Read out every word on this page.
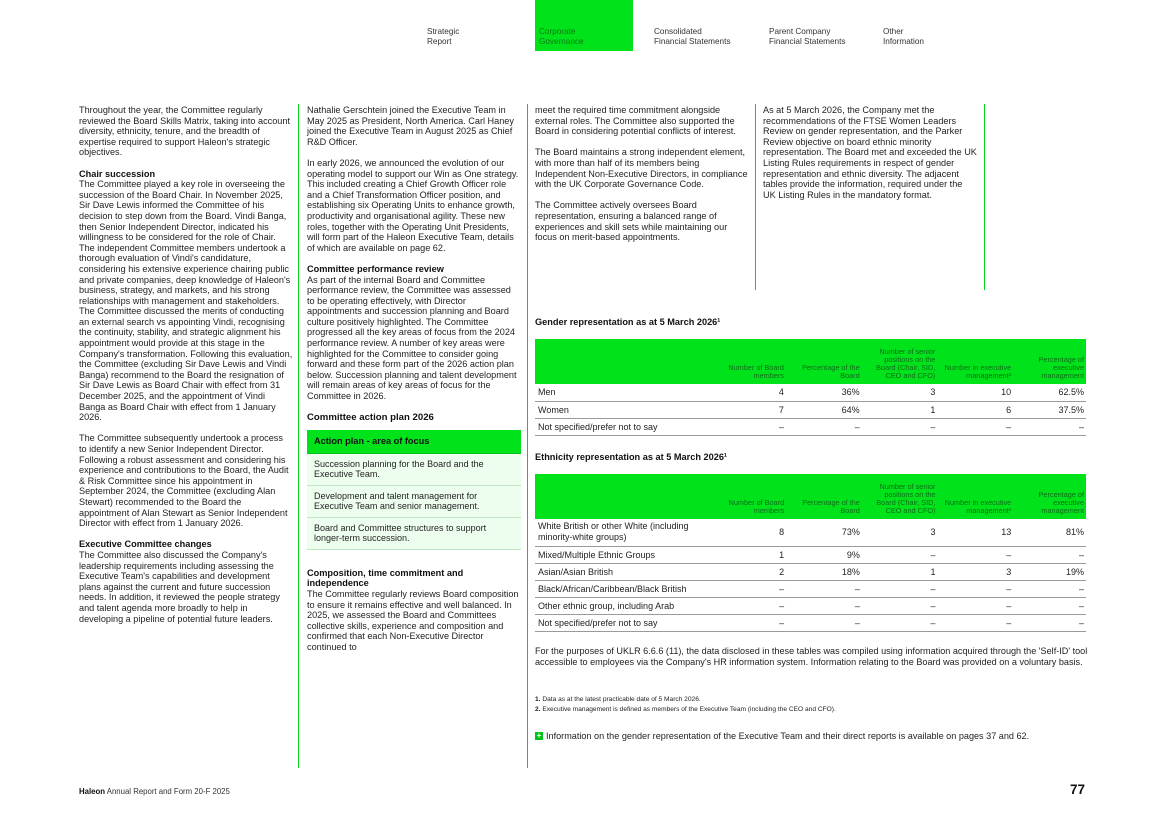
Strategic
Report
Corporate
Governance
Consolidated
Financial Statements
Parent Company
Financial Statements
Other
Information

Throughout the year, the Committee regularly reviewed the Board Skills Matrix, taking into account diversity, ethnicity, tenure, and the breadth of expertise required to support Haleon's strategic objectives.

Chair succession

The Committee played a key role in overseeing the succession of the Board Chair. In November 2025, Sir Dave Lewis informed the Committee of his decision to step down from the Board. Vindi Banga, then Senior Independent Director, indicated his willingness to be considered for the role of Chair. The independent Committee members undertook a thorough evaluation of Vindi's candidature, considering his extensive experience chairing public and private companies, deep knowledge of Haleon's business, strategy, and markets, and his strong relationships with management and stakeholders. The Committee discussed the merits of conducting an external search vs appointing Vindi, recognising the continuity, stability, and strategic alignment his appointment would provide at this stage in the Company's transformation. Following this evaluation, the Committee (excluding Sir Dave Lewis and Vindi Banga) recommend to the Board the resignation of Sir Dave Lewis as Board Chair with effect from 31 December 2025, and the appointment of Vindi Banga as Board Chair with effect from 1 January 2026.

The Committee subsequently undertook a process to identify a new Senior Independent Director. Following a robust assessment and considering his experience and contributions to the Board, the Audit & Risk Committee since his appointment in September 2024, the Committee (excluding Alan Stewart) recommended to the Board the appointment of Alan Stewart as Senior Independent Director with effect from 1 January 2026.

Executive Committee changes

The Committee also discussed the Company's leadership requirements including assessing the Executive Team's capabilities and development plans against the current and future succession needs. In addition, it reviewed the people strategy and talent agenda more broadly to help in developing a pipeline of potential future leaders.

Nathalie Gerschtein joined the Executive Team in May 2025 as President, North America. Carl Haney joined the Executive Team in August 2025 as Chief R&D Officer.

In early 2026, we announced the evolution of our operating model to support our Win as One strategy. This included creating a Chief Growth Officer role and a Chief Transformation Officer position, and establishing six Operating Units to enhance growth, productivity and organisational agility. These new roles, together with the Operating Unit Presidents, will form part of the Haleon Executive Team, details of which are available on page 62.

Committee performance review

As part of the internal Board and Committee performance review, the Committee was assessed to be operating effectively, with Director appointments and succession planning and Board culture positively highlighted. The Committee progressed all the key areas of focus from the 2024 performance review. A number of key areas were highlighted for the Committee to consider going forward and these form part of the 2026 action plan below. Succession planning and talent development will remain areas of key areas of focus for the Committee in 2026.

Committee action plan 2026
Action plan - area of focus
Succession planning for the Board and the Executive Team.
Development and talent management for Executive Team and senior management.
Board and Committee structures to support longer-term succession.
Composition, time commitment and independence

The Committee regularly reviews Board composition to ensure it remains effective and well balanced. In 2025, we assessed the Board and Committees collective skills, experience and composition and confirmed that each Non-Executive Director continued to

meet the required time commitment alongside external roles. The Committee also supported the Board in considering potential conflicts of interest.

The Board maintains a strong independent element, with more than half of its members being Independent Non-Executive Directors, in compliance with the UK Corporate Governance Code.

The Committee actively oversees Board representation, ensuring a balanced range of experiences and skill sets while maintaining our focus on merit-based appointments.

As at 5 March 2026, the Company met the recommendations of the FTSE Women Leaders Review on gender representation, and the Parker Review objective on board ethnic minority representation. The Board met and exceeded the UK Listing Rules requirements in respect of gender representation and ethnic diversity. The adjacent tables provide the information, required under the UK Listing Rules in the mandatory format.

Gender representation as at 5 March 2026¹
	Number of Board members	Percentage of the Board	Number of senior positions on the Board (Chair, SID, CEO and CFO)	Number in executive management²	Percentage of executive management
Men	4	36%	3	10	62.5%
Women	7	64%	1	6	37.5%
Not specified/prefer not to say	–	–	–	–	–
Ethnicity representation as at 5 March 2026¹
	Number of Board members	Percentage of the Board	Number of senior positions on the Board (Chair, SID, CEO and CFO)	Number in executive management²	Percentage of executive management
White British or other White (including minority-white groups)	8	73%	3	13	81%
Mixed/Multiple Ethnic Groups	1	9%	–	–	–
Asian/Asian British	2	18%	1	3	19%
Black/African/Caribbean/Black British	–	–	–	–	–
Other ethnic group, including Arab	–	–	–	–	–
Not specified/prefer not to say	–	–	–	–	–
For the purposes of UKLR 6.6.6 (11), the data disclosed in these tables was compiled using information acquired through the 'Self-ID' tool accessible to employees via the Company's HR information system. Information relating to the Board was provided on a voluntary basis.
1. Data as at the latest practicable date of 5 March 2026.
2. Executive management is defined as members of the Executive Team (including the CEO and CFO).
+ Information on the gender representation of the Executive Team and their direct reports is available on pages 37 and 62.
Haleon Annual Report and Form 20-F 2025	77
